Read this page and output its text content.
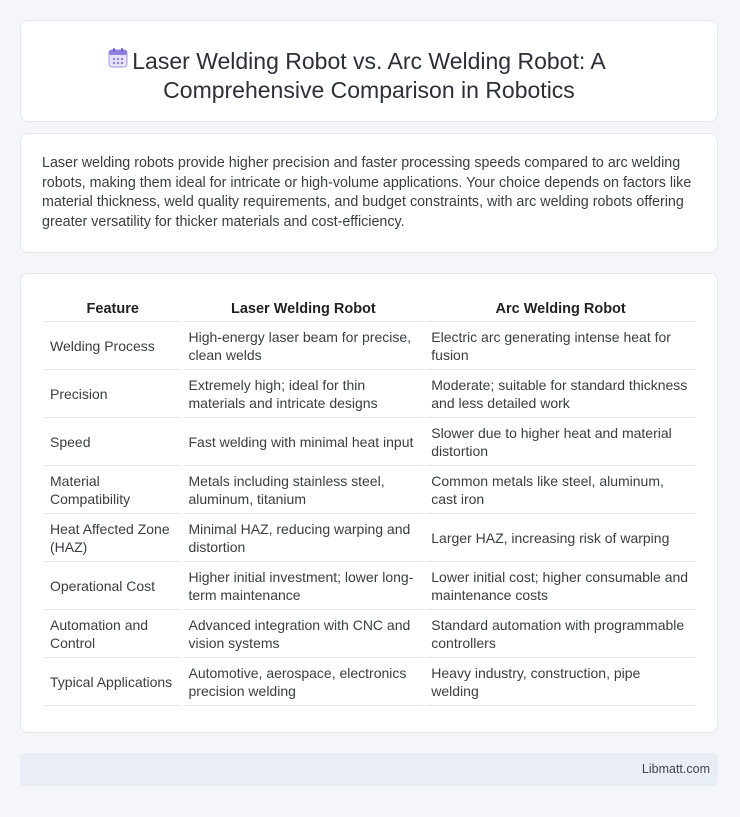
Laser Welding Robot vs. Arc Welding Robot: A
Comprehensive Comparison in Robotics
Laser welding robots provide higher precision and faster processing speeds compared to arc welding robots, making them ideal for intricate or high-volume applications. Your choice depends on factors like material thickness, weld quality requirements, and budget constraints, with arc welding robots offering greater versatility for thicker materials and cost-efficiency.
Feature	Laser Welding Robot	Arc Welding Robot
Welding Process	High-energy laser beam for precise, clean welds	Electric arc generating intense heat for fusion
Precision	Extremely high; ideal for thin materials and intricate designs	Moderate; suitable for standard thickness and less detailed work
Speed	Fast welding with minimal heat input	Slower due to higher heat and material distortion
Material Compatibility	Metals including stainless steel, aluminum, titanium	Common metals like steel, aluminum, cast iron
Heat Affected Zone (HAZ)	Minimal HAZ, reducing warping and distortion	Larger HAZ, increasing risk of warping
Operational Cost	Higher initial investment; lower long-term maintenance	Lower initial cost; higher consumable and maintenance costs
Automation and Control	Advanced integration with CNC and vision systems	Standard automation with programmable controllers
Typical Applications	Automotive, aerospace, electronics precision welding	Heavy industry, construction, pipe welding
Libmatt.com
